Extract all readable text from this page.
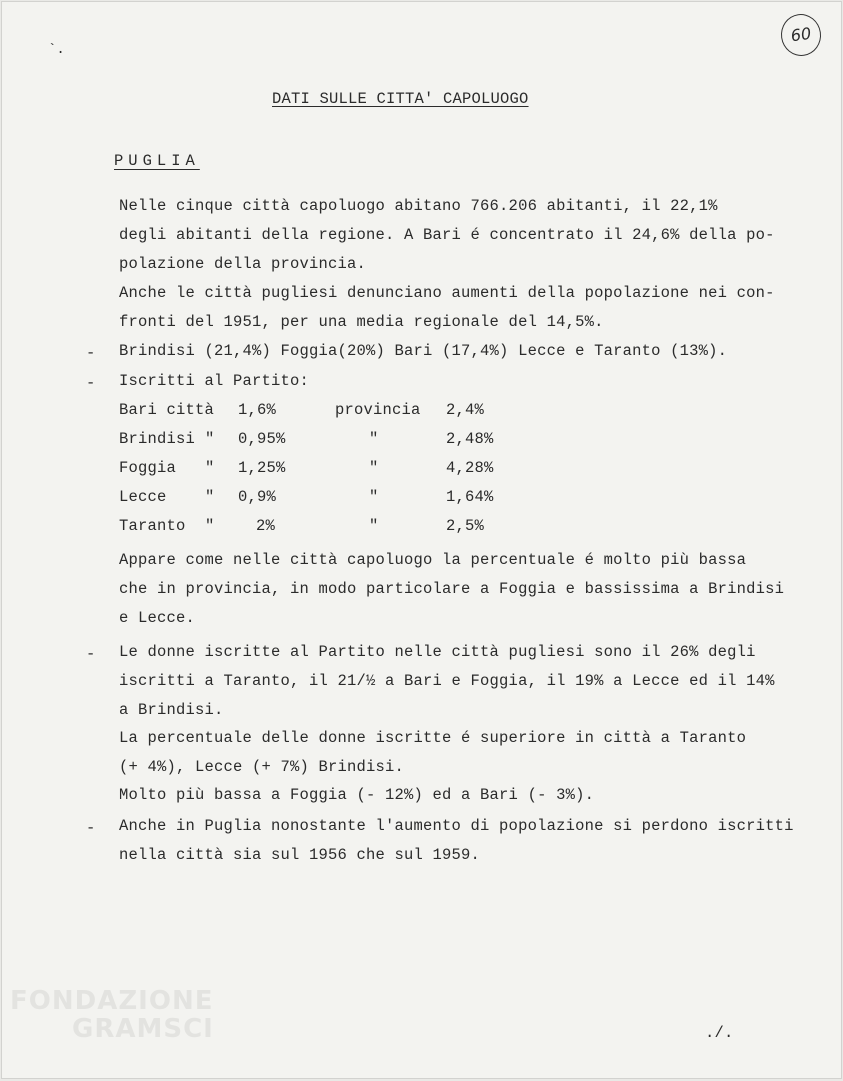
`.
60
DATI SULLE CITTA' CAPOLUOGO
PUGLIA
Nelle cinque città capoluogo abitano 766.206 abitanti, il 22,1%
degli abitanti della regione. A Bari é concentrato il 24,6% della po-
polazione della provincia.
Anche le città pugliesi denunciano aumenti della popolazione nei con-
fronti del 1951, per una media regionale del 14,5%.
- Brindisi (21,4%) Foggia(20%) Bari (17,4%) Lecce e Taranto (13%).
- Iscritti al Partito:
Bari città 1,6%	provincia 2,4%
Brindisi " 0,95%	"	2,48%
Foggia " 1,25%	"	4,28%
Lecce " 0,9%	"	1,64%
Taranto "	2%	"	2,5%
Appare come nelle città capoluogo la percentuale é molto più bassa
che in provincia, in modo particolare a Foggia e bassissima a Brindisi
e Lecce.
- Le donne iscritte al Partito nelle città pugliesi sono il 26% degli
iscritti a Taranto, il 21/½ a Bari e Foggia, il 19% a Lecce ed il 14%
a Brindisi.
La percentuale delle donne iscritte é superiore in città a Taranto
(+ 4%), Lecce (+ 7%) Brindisi.
Molto più bassa a Foggia (- 12%) ed a Bari (- 3%).
- Anche in Puglia nonostante l'aumento di popolazione si perdono iscritti
nella città sia sul 1956 che sul 1959.
./.
FONDAZIONE
GRAMSCI
